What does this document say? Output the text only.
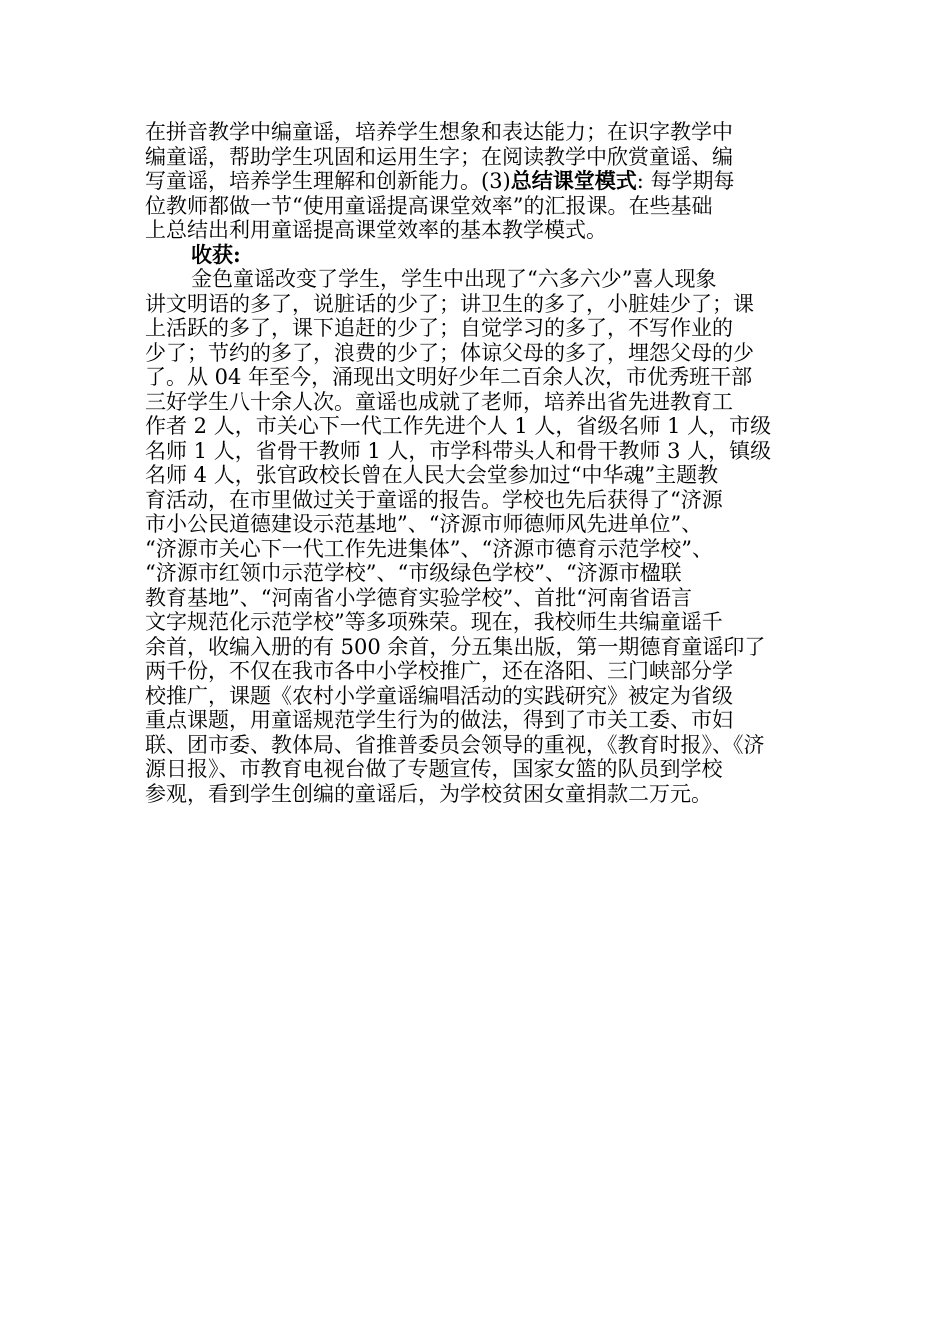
在拼音教学中编童谣，培养学生想象和表达能力；在识字教学中
编童谣，帮助学生巩固和运用生字；在阅读教学中欣赏童谣、编
写童谣，培养学生理解和创新能力。(3)总结课堂模式: 每学期每
位教师都做一节“使用童谣提高课堂效率”的汇报课。在些基础
上总结出利用童谣提高课堂效率的基本教学模式。
收获:
金色童谣改变了学生，学生中出现了“六多六少”喜人现象
讲文明语的多了，说脏话的少了；讲卫生的多了，小脏娃少了；课
上活跃的多了，课下追赶的少了；自觉学习的多了，不写作业的
少了；节约的多了，浪费的少了；体谅父母的多了，埋怨父母的少
了。从 04 年至今，涌现出文明好少年二百余人次，市优秀班干部
三好学生八十余人次。童谣也成就了老师，培养出省先进教育工
作者 2 人，市关心下一代工作先进个人 1 人，省级名师 1 人，市级
名师 1 人，省骨干教师 1 人，市学科带头人和骨干教师 3 人，镇级
名师 4 人，张官政校长曾在人民大会堂参加过“中华魂”主题教
育活动，在市里做过关于童谣的报告。学校也先后获得了“济源
市小公民道德建设示范基地”、“济源市师德师风先进单位”、
“济源市关心下一代工作先进集体”、“济源市德育示范学校”、
“济源市红领巾示范学校”、“市级绿色学校”、“济源市楹联
教育基地”、“河南省小学德育实验学校”、首批“河南省语言
文字规范化示范学校”等多项殊荣。现在，我校师生共编童谣千
余首，收编入册的有 500 余首，分五集出版，第一期德育童谣印了
两千份，不仅在我市各中小学校推广，还在洛阳、三门峡部分学
校推广，课题《农村小学童谣编唱活动的实践研究》被定为省级
重点课题，用童谣规范学生行为的做法，得到了市关工委、市妇
联、团市委、教体局、省推普委员会领导的重视，《教育时报》、《济
源日报》、市教育电视台做了专题宣传，国家女篮的队员到学校
参观，看到学生创编的童谣后，为学校贫困女童捐款二万元。
